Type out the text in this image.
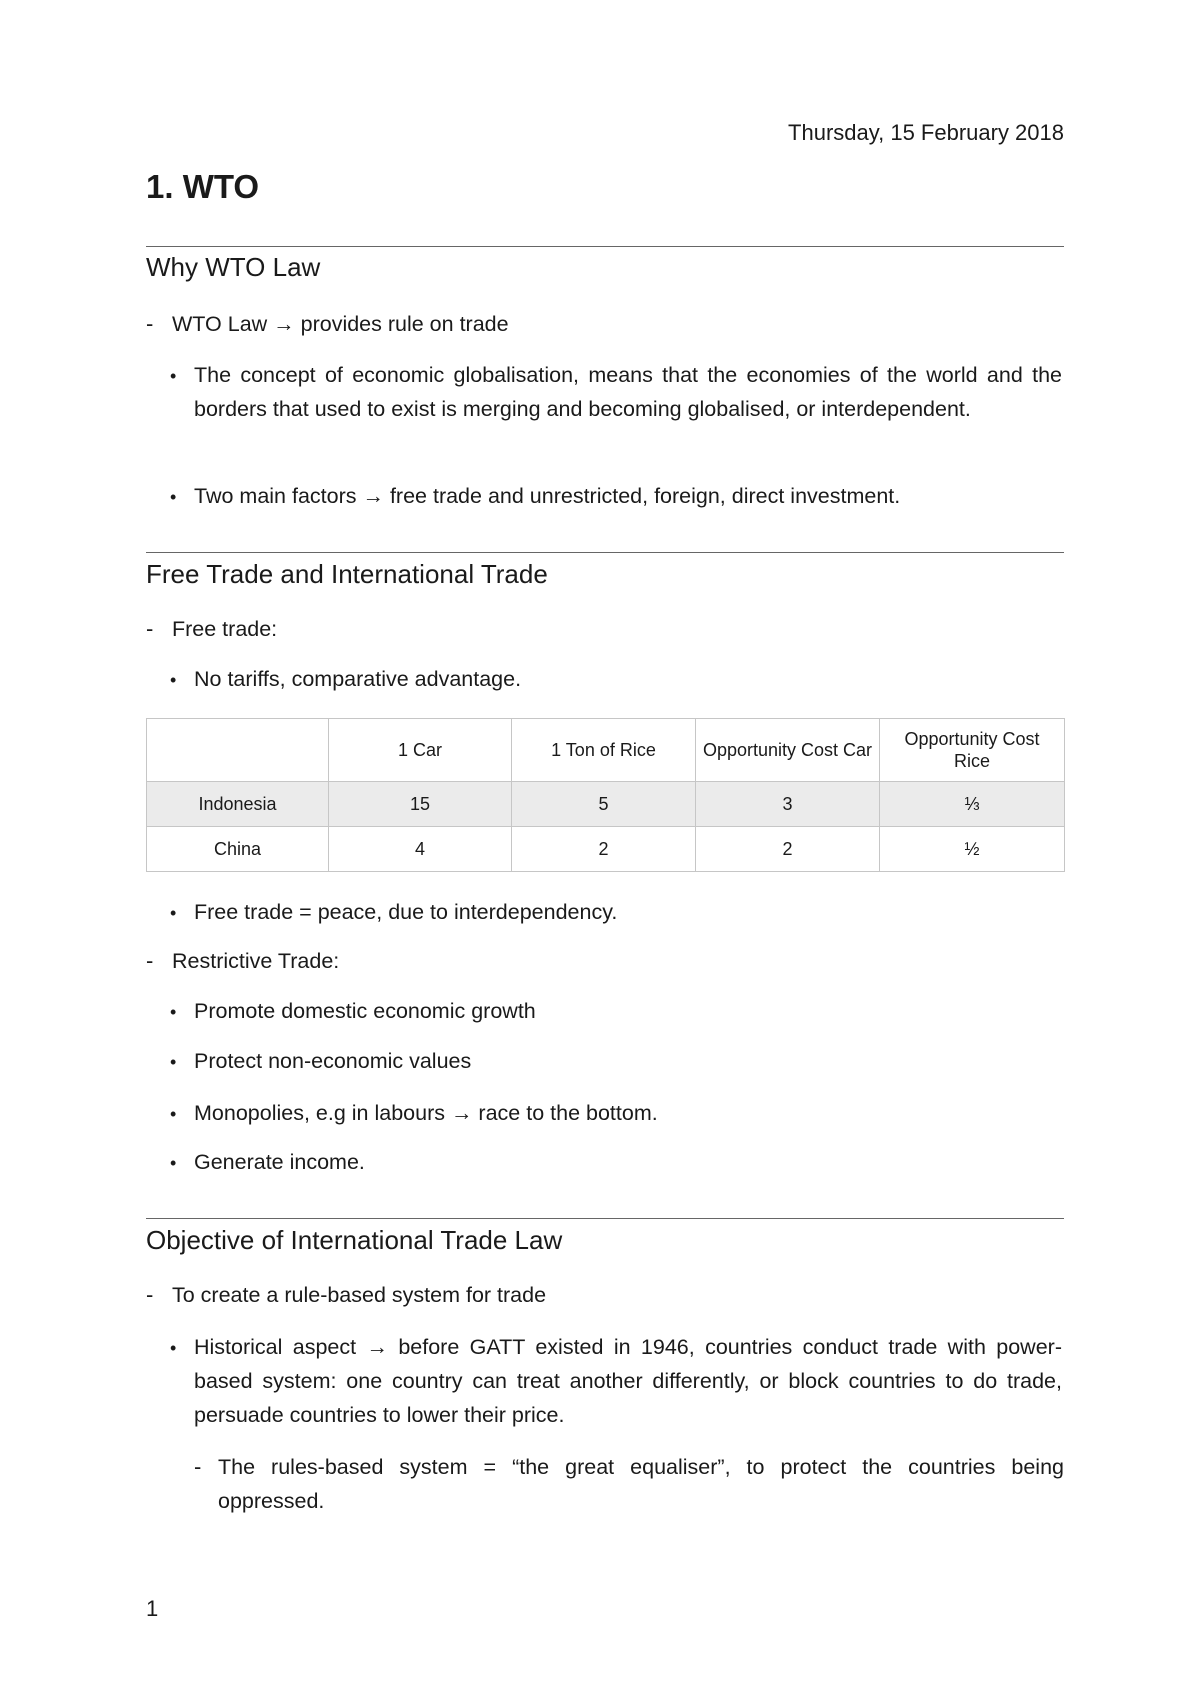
Thursday, 15 February 2018
1. WTO
Why WTO Law
- WTO Law → provides rule on trade
• The concept of economic globalisation, means that the economies of the world and the borders that used to exist is merging and becoming globalised, or interdependent.
• Two main factors → free trade and unrestricted, foreign, direct investment.
Free Trade and International Trade
- Free trade:
• No tariffs, comparative advantage.
	1 Car	1 Ton of Rice	Opportunity Cost Car	Opportunity Cost Rice
Indonesia	15	5	3	⅓
China	4	2	2	½
• Free trade = peace, due to interdependency.
- Restrictive Trade:
• Promote domestic economic growth
• Protect non-economic values
• Monopolies, e.g in labours → race to the bottom.
• Generate income.
Objective of International Trade Law
- To create a rule-based system for trade
• Historical aspect → before GATT existed in 1946, countries conduct trade with power-based system: one country can treat another differently, or block countries to do trade, persuade countries to lower their price.
- The rules-based system = “the great equaliser”, to protect the countries being oppressed.
1
